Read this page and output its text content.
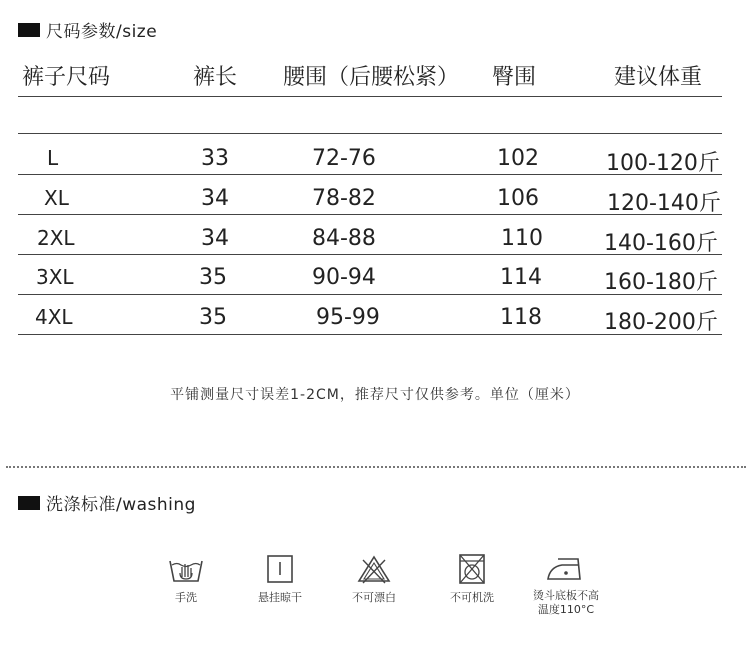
尺码参数/size
裤子尺码	裤长 腰围（后腰松紧） 臀围	建议体重
L	33	72-76	102	100-120斤
XL	34	78-82	106	120-140斤
2XL	34	84-88	110	140-160斤
3XL	35	90-94	114	160-180斤
4XL	35	95-99	118	180-200斤
平铺测量尺寸误差1-2CM，推荐尺寸仅供参考。单位（厘米）
洗涤标准/washing
手洗	悬挂晾干	不可漂白	不可机洗	烫斗底板不高
温度110°C
